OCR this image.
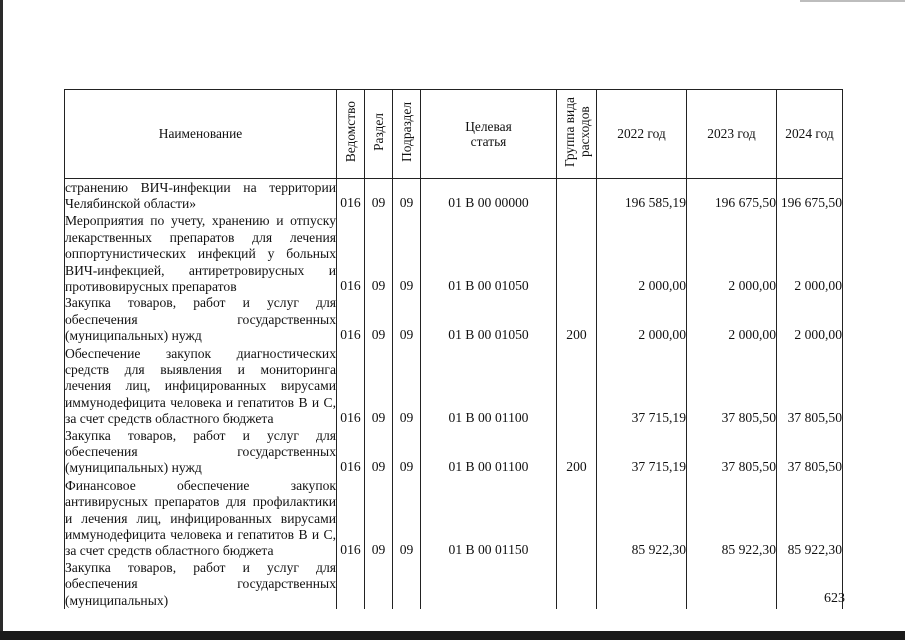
Наименование	Ведомство	Раздел	Подраздел	Целевая статья	Группа вида расходов	2022 год	2023 год	2024 год
странению ВИЧ-инфекции на территории Челябинской области»	016	09	09	01 В 00 00000		196 585,19	196 675,50	196 675,50
Мероприятия по учету, хранению и отпуску лекарственных препаратов для лечения оппортунистических инфекций у больных ВИЧ-инфекцией, антиретровирусных и противовирусных препаратов	016	09	09	01 В 00 01050		2 000,00	2 000,00	2 000,00
Закупка товаров, работ и услуг для обеспечения государственных (муниципальных) нужд	016	09	09	01 В 00 01050	200	2 000,00	2 000,00	2 000,00
Обеспечение закупок диагностических средств для выявления и мониторинга лечения лиц, инфицированных вирусами иммунодефицита человека и гепатитов В и С, за счет средств областного бюджета	016	09	09	01 В 00 01100		37 715,19	37 805,50	37 805,50
Закупка товаров, работ и услуг для обеспечения государственных (муниципальных) нужд	016	09	09	01 В 00 01100	200	37 715,19	37 805,50	37 805,50
Финансовое обеспечение закупок антивирусных препаратов для профилактики и лечения лиц, инфицированных вирусами иммунодефицита человека и гепатитов В и С, за счет средств областного бюджета	016	09	09	01 В 00 01150		85 922,30	85 922,30	85 922,30
Закупка товаров, работ и услуг для обеспечения государственных (муниципальных)									623
